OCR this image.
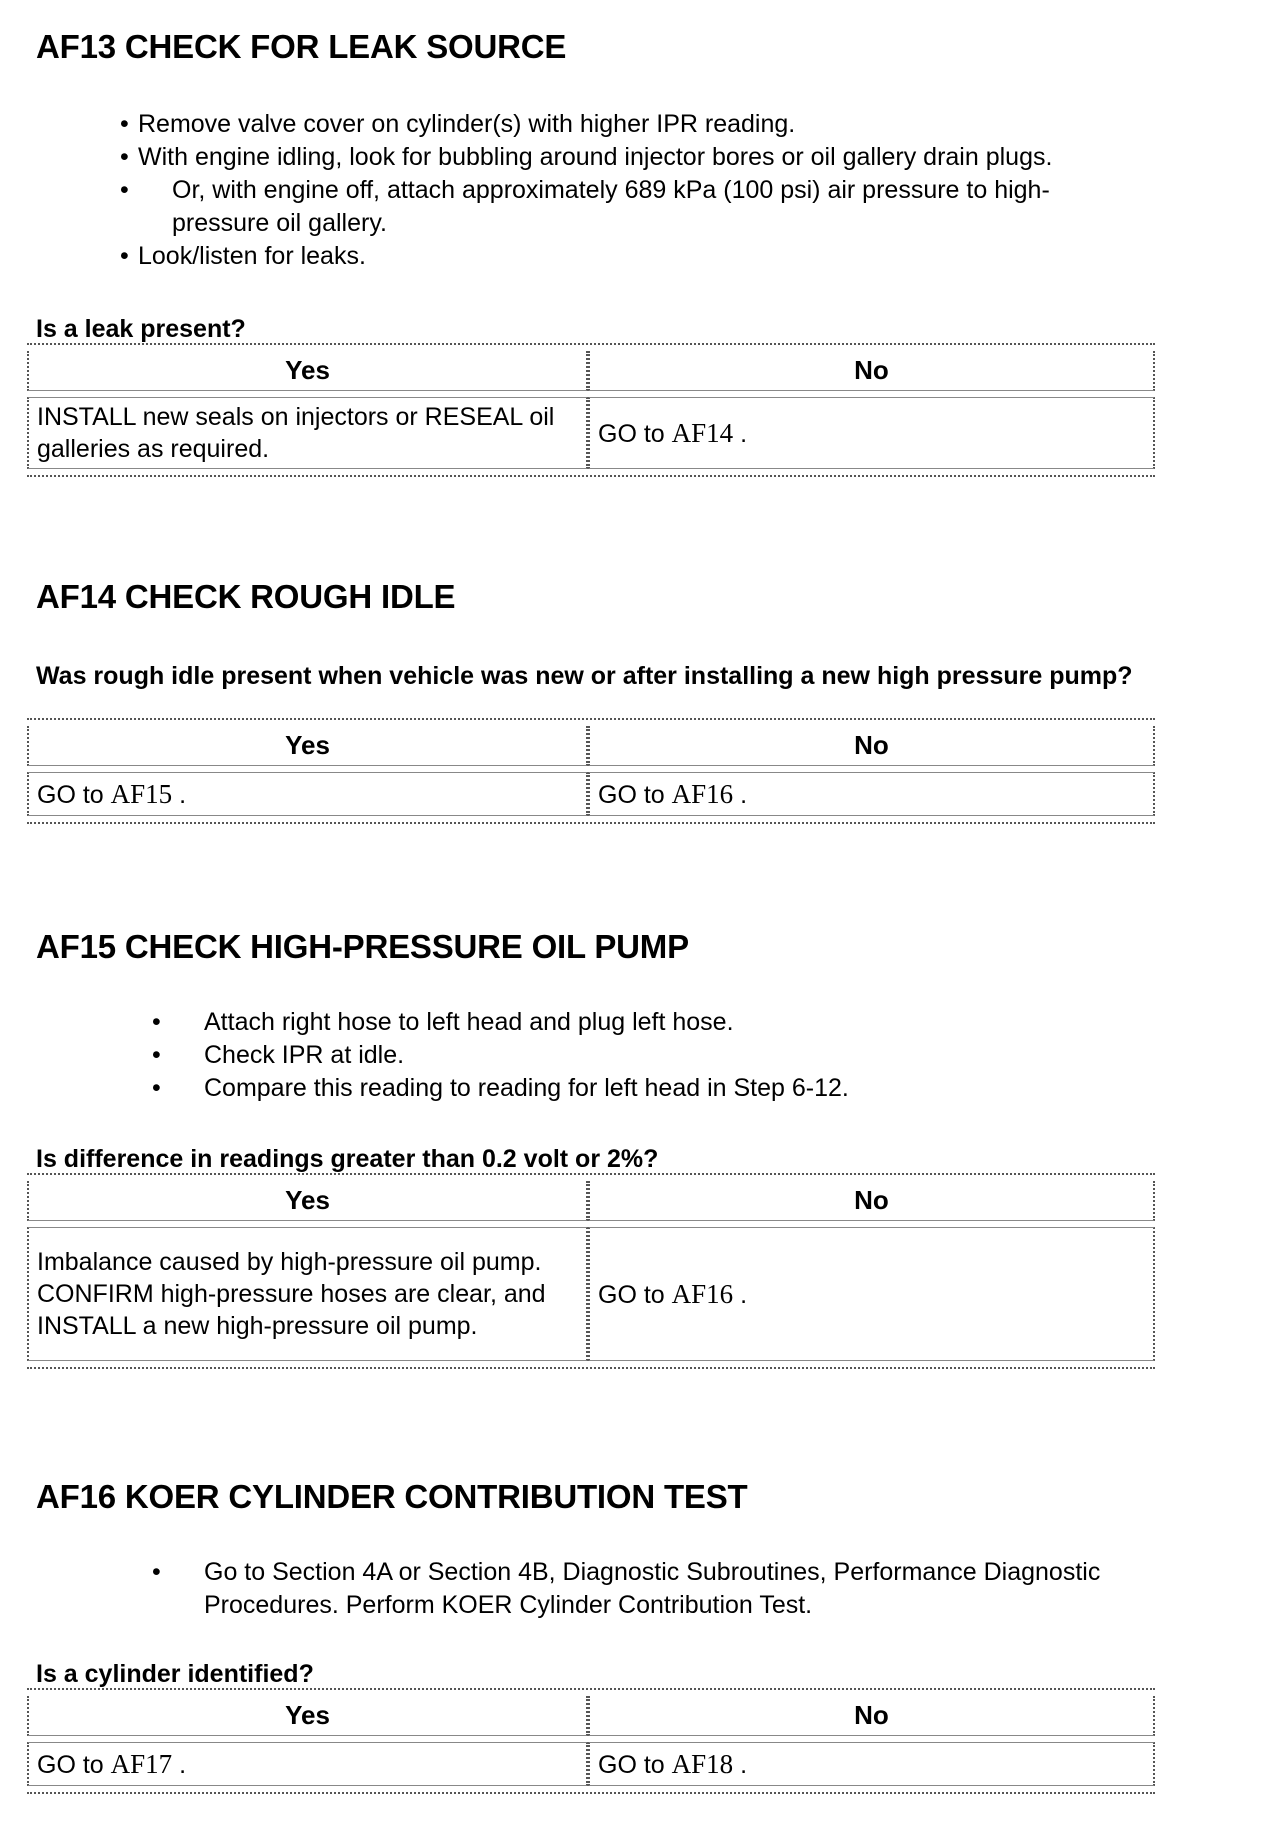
AF13 CHECK FOR LEAK SOURCE
• Remove valve cover on cylinder(s) with higher IPR reading.
• With engine idling, look for bubbling around injector bores or oil gallery drain plugs.
• Or, with engine off, attach approximately 689 kPa (100 psi) air pressure to high-pressure oil gallery.
• Look/listen for leaks.

Is a leak present?

Yes	No
INSTALL new seals on injectors or RESEAL oil galleries as required.	GO to AF14 .
AF14 CHECK ROUGH IDLE

Was rough idle present when vehicle was new or after installing a new high pressure pump?

Yes	No
GO to AF15 .	GO to AF16 .
AF15 CHECK HIGH-PRESSURE OIL PUMP
• Attach right hose to left head and plug left hose.
• Check IPR at idle.
• Compare this reading to reading for left head in Step 6-12.

Is difference in readings greater than 0.2 volt or 2%?

Yes	No
Imbalance caused by high-pressure oil pump. CONFIRM high-pressure hoses are clear, and INSTALL a new high-pressure oil pump.	GO to AF16 .
AF16 KOER CYLINDER CONTRIBUTION TEST
• Go to Section 4A or Section 4B, Diagnostic Subroutines, Performance Diagnostic Procedures. Perform KOER Cylinder Contribution Test.

Is a cylinder identified?

Yes	No
GO to AF17 .	GO to AF18 .
